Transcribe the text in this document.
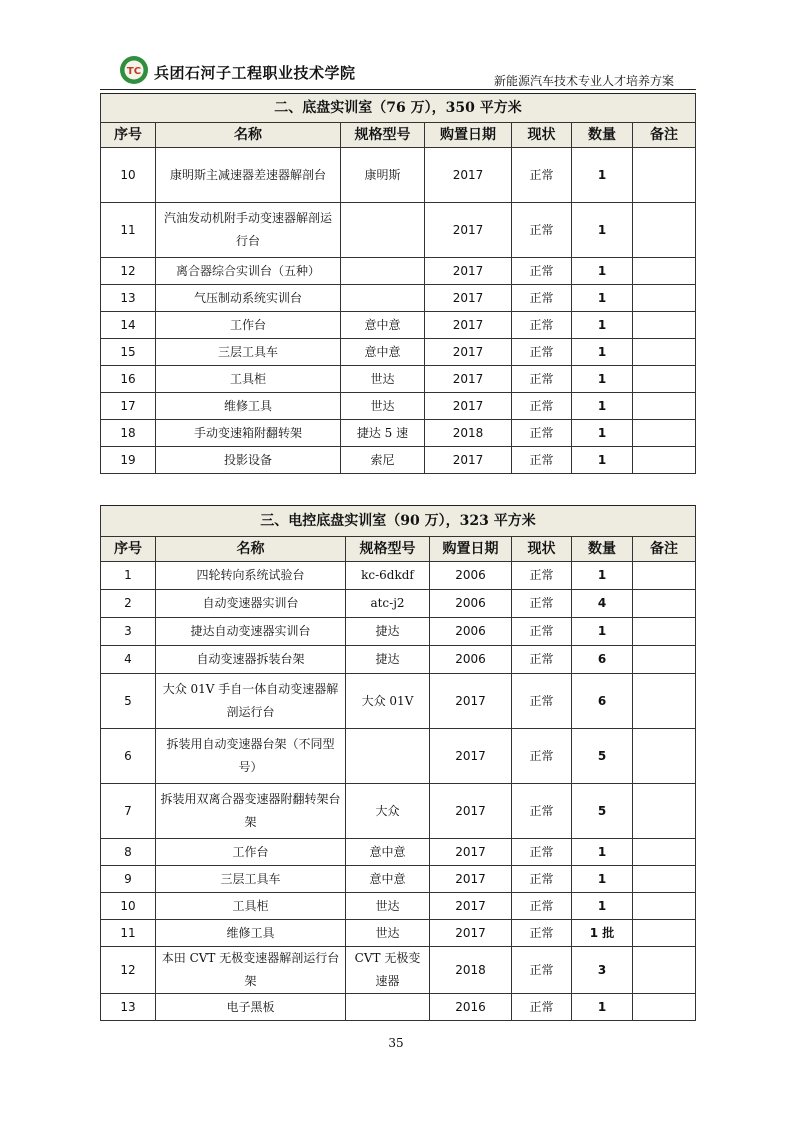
TC 兵团石河子工程职业技术学院	新能源汽车技术专业人才培养方案
二、底盘实训室（76 万），350 平方米						
序号	名称	规格型号	购置日期	现状	数量	备注
10	康明斯主减速器差速器解剖台	康明斯	2017	正常	1	
11	汽油发动机附手动变速器解剖运行台		2017	正常	1	
12	离合器综合实训台（五种）		2017	正常	1	
13	气压制动系统实训台		2017	正常	1	
14	工作台	意中意	2017	正常	1	
15	三层工具车	意中意	2017	正常	1	
16	工具柜	世达	2017	正常	1	
17	维修工具	世达	2017	正常	1	
18	手动变速箱附翻转架	捷达 5 速	2018	正常	1	
19	投影设备	索尼	2017	正常	1	
三、电控底盘实训室（90 万），323 平方米						
序号	名称	规格型号	购置日期	现状	数量	备注
1	四轮转向系统试验台	kc-6dkdf	2006	正常	1	
2	自动变速器实训台	atc-j2	2006	正常	4	
3	捷达自动变速器实训台	捷达	2006	正常	1	
4	自动变速器拆装台架	捷达	2006	正常	6	
5	大众 01V 手自一体自动变速器解剖运行台	大众 01V	2017	正常	6	
6	拆装用自动变速器台架（不同型号）		2017	正常	5	
7	拆装用双离合器变速器附翻转架台架	大众	2017	正常	5	
8	工作台	意中意	2017	正常	1	
9	三层工具车	意中意	2017	正常	1	
10	工具柜	世达	2017	正常	1	
11	维修工具	世达	2017	正常	1 批	
12	本田 CVT 无极变速器解剖运行台架	CVT 无极变速器	2018	正常	3	
13	电子黑板		2016	正常	1	
35
